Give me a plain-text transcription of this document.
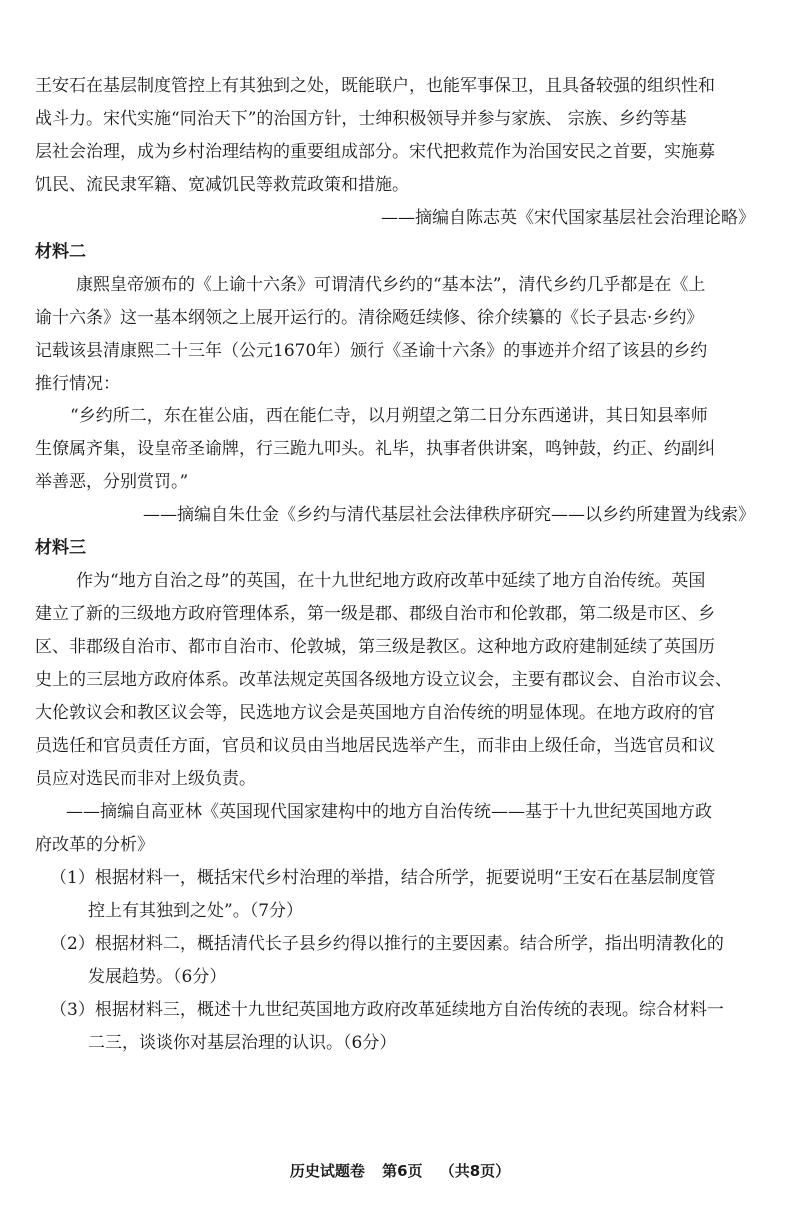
王安石在基层制度管控上有其独到之处，既能联户，也能军事保卫，且具备较强的组织性和
战斗力。宋代实施“同治天下”的治国方针，士绅积极领导并参与家族、 宗族、乡约等基
层社会治理，成为乡村治理结构的重要组成部分。宋代把救荒作为治国安民之首要，实施募
饥民、流民隶军籍、宽减饥民等救荒政策和措施。
——摘编自陈志英《宋代国家基层社会治理论略》
材料二
康熙皇帝颁布的《上谕十六条》可谓清代乡约的“基本法”，清代乡约几乎都是在《上
谕十六条》这一基本纲领之上展开运行的。清徐飏廷续修、徐介续纂的《长子县志·乡约》
记载该县清康熙二十三年（公元1670年）颁行《圣谕十六条》的事迹并介绍了该县的乡约
推行情况：
“乡约所二，东在崔公庙，西在能仁寺，以月朔望之第二日分东西递讲，其日知县率师
生僚属齐集，设皇帝圣谕牌，行三跪九叩头。礼毕，执事者供讲案，鸣钟鼓，约正、约副纠
举善恶，分别赏罚。”
——摘编自朱仕金《乡约与清代基层社会法律秩序研究——以乡约所建置为线索》
材料三
作为“地方自治之母”的英国，在十九世纪地方政府改革中延续了地方自治传统。英国
建立了新的三级地方政府管理体系，第一级是郡、郡级自治市和伦敦郡，第二级是市区、乡
区、非郡级自治市、都市自治市、伦敦城，第三级是教区。这种地方政府建制延续了英国历
史上的三层地方政府体系。改革法规定英国各级地方设立议会，主要有郡议会、自治市议会、
大伦敦议会和教区议会等，民选地方议会是英国地方自治传统的明显体现。在地方政府的官
员选任和官员责任方面，官员和议员由当地居民选举产生，而非由上级任命，当选官员和议
员应对选民而非对上级负责。
——摘编自高亚林《英国现代国家建构中的地方自治传统——基于十九世纪英国地方政
府改革的分析》
（1）根据材料一，概括宋代乡村治理的举措，结合所学，扼要说明“王安石在基层制度管
控上有其独到之处”。（7分）
（2）根据材料二，概括清代长子县乡约得以推行的主要因素。结合所学，指出明清教化的
发展趋势。（6分）
（3）根据材料三，概述十九世纪英国地方政府改革延续地方自治传统的表现。综合材料一
二三，谈谈你对基层治理的认识。（6分）
历史试题卷 第6页 （共8页）
